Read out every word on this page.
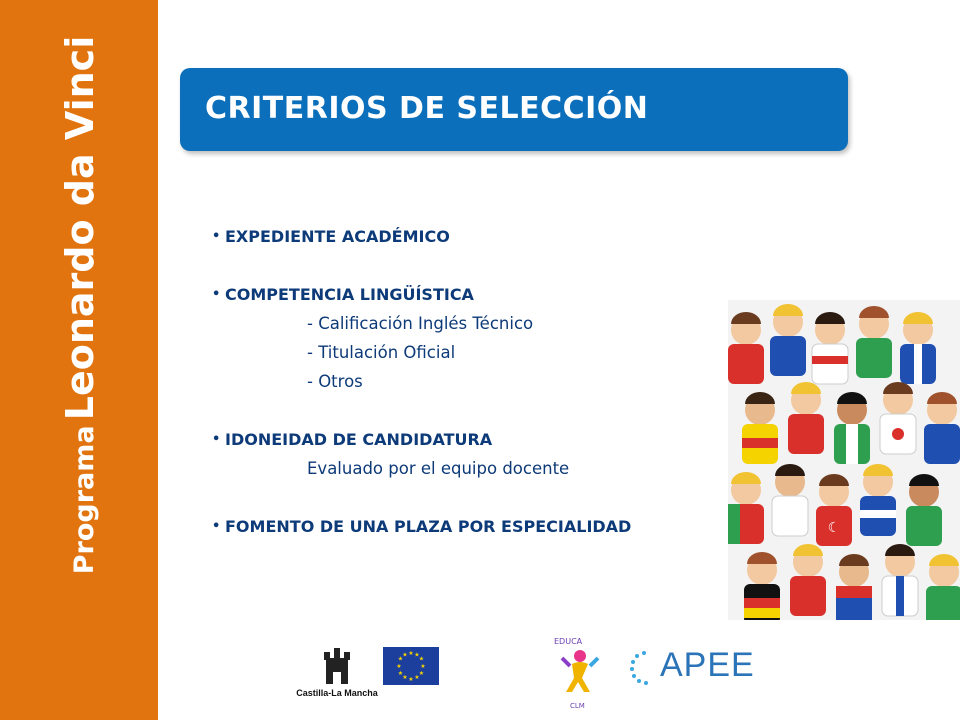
Programa Leonardo da Vinci	CRITERIOS DE SELECCIÓN
• EXPEDIENTE ACADÉMICO
• COMPETENCIA LINGÜÍSTICA
- Calificación Inglés Técnico
- Titulación Oficial
- Otros
• IDONEIDAD DE CANDIDATURA
Evaluado por el equipo docente
• FOMENTO DE UNA PLAZA POR ESPECIALIDAD	☾
Castilla-La Mancha
★ ★
★
★
★
★
★
★
★
★
★
★
EDUCA
CLM
APEE
